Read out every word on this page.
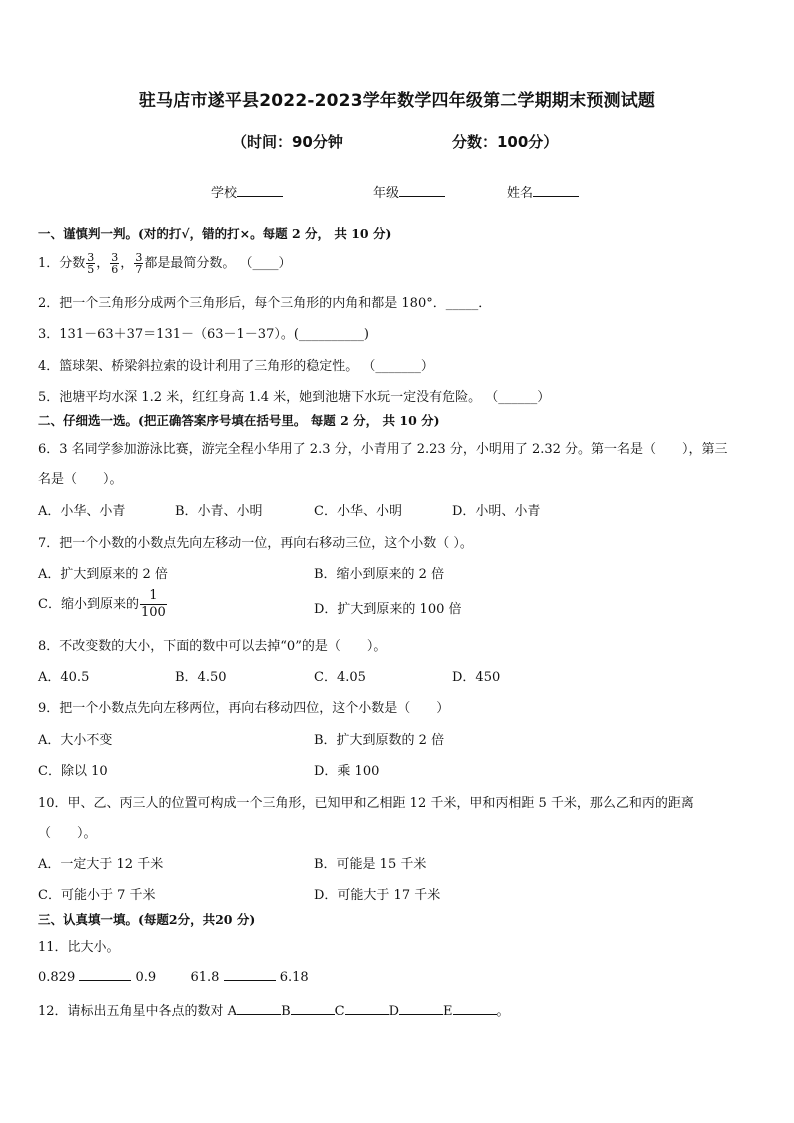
驻马店市遂平县2022-2023学年数学四年级第二学期期末预测试题
（时间：90分钟	分数：100分）
学校	年级	姓名
一、谨慎判一判。(对的打√，错的打×。每题 2 分， 共 10 分)
1．分数 $\frac{3}{5}$ ， $\frac{3}{6}$ ， $\frac{3}{7}$ 都是最简分数。 （____）
2．把一个三角形分成两个三角形后，每个三角形的内角和都是 180°．_____．
3．131－63＋37＝131－（63－1－37）。(__________)
4．篮球架、桥梁斜拉索的设计利用了三角形的稳定性。 （_______）
5．池塘平均水深 1.2 米，红红身高 1.4 米，她到池塘下水玩一定没有危险。 （______）
二、仔细选一选。(把正确答案序号填在括号里。 每题 2 分， 共 10 分)
6．3 名同学参加游泳比赛，游完全程小华用了 2.3 分，小青用了 2.23 分，小明用了 2.32 分。第一名是（　　），第三
名是（　　）。
A．小华、小青	B．小青、小明	C．小华、小明	D．小明、小青
7．把一个小数的小数点先向左移动一位，再向右移动三位，这个小数（ ）。
A．扩大到原来的 2 倍	B．缩小到原来的 2 倍
C．缩小到原来的 $\frac{1}{100}$	D．扩大到原来的 100 倍
8．不改变数的大小，下面的数中可以去掉“0”的是（　　）。
A．40.5	B．4.50	C．4.05	D．450
9．把一个小数点先向左移两位，再向右移动四位，这个小数是（　　）
A．大小不变	B．扩大到原数的 2 倍
C．除以 10	D．乘 100
10．甲、乙、丙三人的位置可构成一个三角形，已知甲和乙相距 12 千米，甲和丙相距 5 千米，那么乙和丙的距离
（　　）。
A．一定大于 12 千米	B．可能是 15 千米
C．可能小于 7 千米	D．可能大于 17 千米
三、认真填一填。(每题2分，共20 分)
11．比大小。
0.829	0.9	61.8	6.18
12．请标出五角星中各点的数对 A	B	C	D	E	。
